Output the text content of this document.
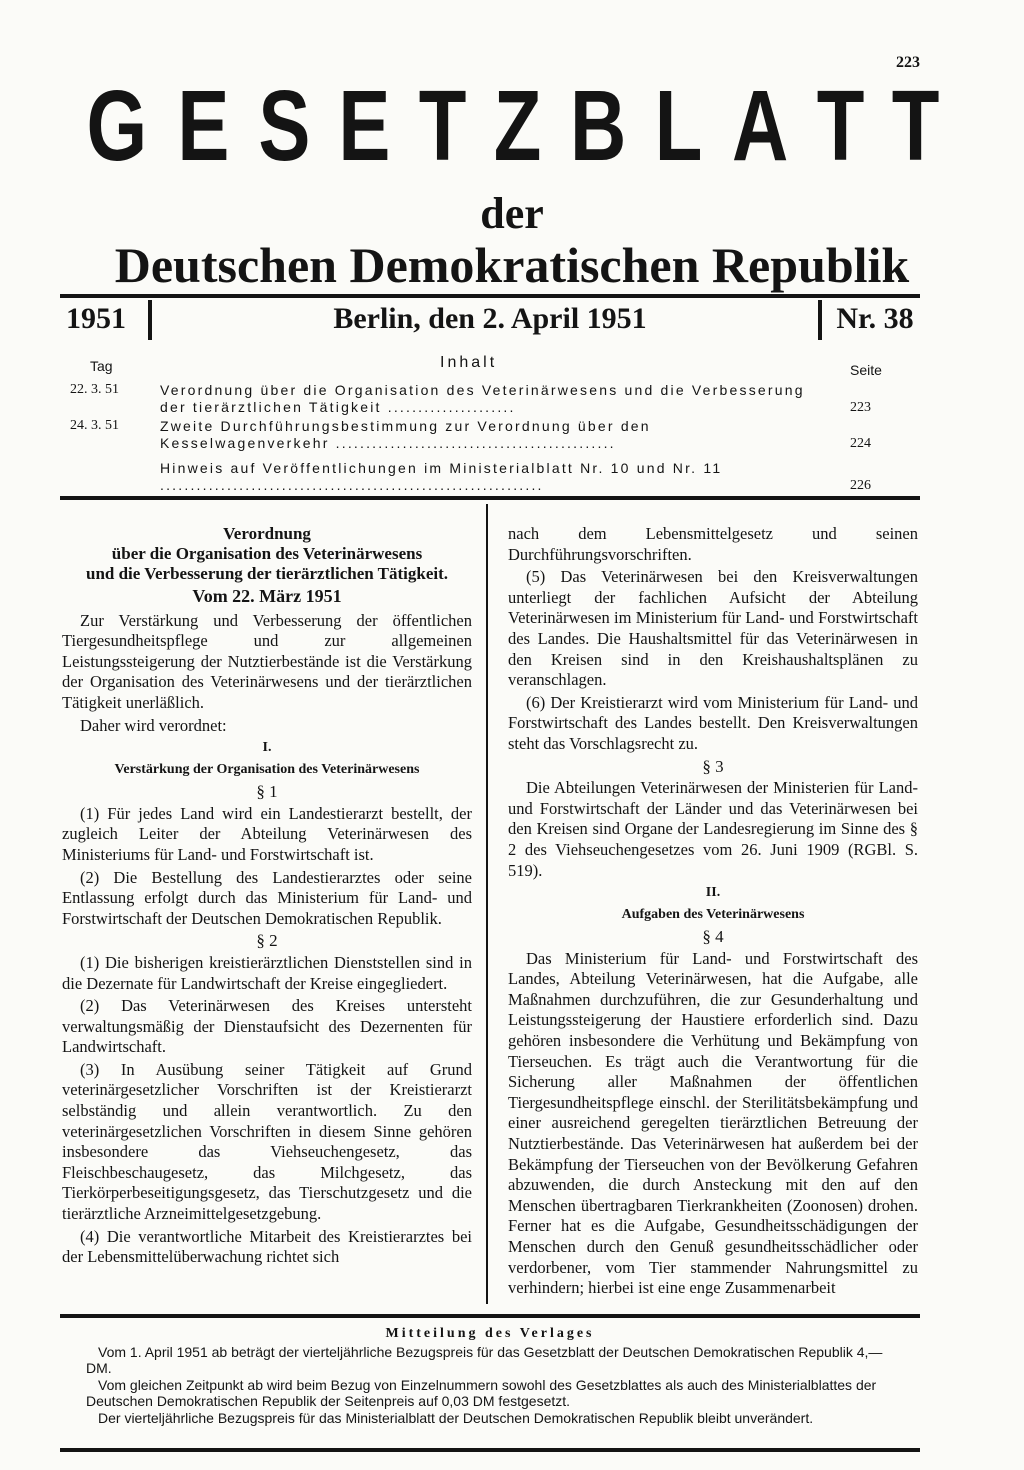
223
G E S E T Z B L A T T
der
Deutschen Demokratischen Republik
1951	Berlin, den 2. April 1951	Nr. 38
Tag	Inhalt	Seite
22. 3. 51	Verordnung über die Organisation des Veterinärwesens und die Verbesserung der tierärztlichen Tätigkeit .....................	223
24. 3. 51	Zweite Durchführungsbestimmung zur Verordnung über den Kesselwagenverkehr ..............................................	224
Hinweis auf Veröffentlichungen im Ministerialblatt Nr. 10 und Nr. 11 ...............................................................	226
Verordnung
über die Organisation des Veterinärwesens
und die Verbesserung der tierärztlichen Tätigkeit.
Vom 22. März 1951

Zur Verstärkung und Verbesserung der öffentlichen Tiergesundheitspflege und zur allgemeinen Leistungssteigerung der Nutztierbestände ist die Verstärkung der Organisation des Veterinärwesens und der tierärztlichen Tätigkeit unerläßlich.

Daher wird verordnet:

I.
Verstärkung der Organisation des Veterinärwesens
§ 1

(1) Für jedes Land wird ein Landestierarzt bestellt, der zugleich Leiter der Abteilung Veterinärwesen des Ministeriums für Land- und Forstwirtschaft ist.

(2) Die Bestellung des Landestierarztes oder seine Entlassung erfolgt durch das Ministerium für Land- und Forstwirtschaft der Deutschen Demokratischen Republik.

§ 2

(1) Die bisherigen kreistierärztlichen Dienststellen sind in die Dezernate für Landwirtschaft der Kreise eingegliedert.

(2) Das Veterinärwesen des Kreises untersteht verwaltungsmäßig der Dienstaufsicht des Dezernenten für Landwirtschaft.

(3) In Ausübung seiner Tätigkeit auf Grund veterinärgesetzlicher Vorschriften ist der Kreistierarzt selbständig und allein verantwortlich. Zu den veterinärgesetzlichen Vorschriften in diesem Sinne gehören insbesondere das Viehseuchengesetz, das Fleischbeschaugesetz, das Milchgesetz, das Tierkörperbeseitigungsgesetz, das Tierschutzgesetz und die tierärztliche Arzneimittelgesetzgebung.

(4) Die verantwortliche Mitarbeit des Kreistierarztes bei der Lebensmittelüberwachung richtet sich

nach dem Lebensmittelgesetz und seinen Durchführungsvorschriften.

(5) Das Veterinärwesen bei den Kreisverwaltungen unterliegt der fachlichen Aufsicht der Abteilung Veterinärwesen im Ministerium für Land- und Forstwirtschaft des Landes. Die Haushaltsmittel für das Veterinärwesen in den Kreisen sind in den Kreishaushaltsplänen zu veranschlagen.

(6) Der Kreistierarzt wird vom Ministerium für Land- und Forstwirtschaft des Landes bestellt. Den Kreisverwaltungen steht das Vorschlagsrecht zu.

§ 3

Die Abteilungen Veterinärwesen der Ministerien für Land- und Forstwirtschaft der Länder und das Veterinärwesen bei den Kreisen sind Organe der Landesregierung im Sinne des § 2 des Viehseuchengesetzes vom 26. Juni 1909 (RGBl. S. 519).

II.
Aufgaben des Veterinärwesens
§ 4

Das Ministerium für Land- und Forstwirtschaft des Landes, Abteilung Veterinärwesen, hat die Aufgabe, alle Maßnahmen durchzuführen, die zur Gesunderhaltung und Leistungssteigerung der Haustiere erforderlich sind. Dazu gehören insbesondere die Verhütung und Bekämpfung von Tierseuchen. Es trägt auch die Verantwortung für die Sicherung aller Maßnahmen der öffentlichen Tiergesundheitspflege einschl. der Sterilitätsbekämpfung und einer ausreichend geregelten tierärztlichen Betreuung der Nutztierbestände. Das Veterinärwesen hat außerdem bei der Bekämpfung der Tierseuchen von der Bevölkerung Gefahren abzuwenden, die durch Ansteckung mit den auf den Menschen übertragbaren Tierkrankheiten (Zoonosen) drohen. Ferner hat es die Aufgabe, Gesundheitsschädigungen der Menschen durch den Genuß gesundheitsschädlicher oder verdorbener, vom Tier stammender Nahrungsmittel zu verhindern; hierbei ist eine enge Zusammenarbeit

Mitteilung des Verlages

Vom 1. April 1951 ab beträgt der vierteljährliche Bezugspreis für das Gesetzblatt der Deutschen Demokratischen Republik 4,— DM.

Vom gleichen Zeitpunkt ab wird beim Bezug von Einzelnummern sowohl des Gesetzblattes als auch des Ministerialblattes der Deutschen Demokratischen Republik der Seitenpreis auf 0,03 DM festgesetzt.

Der vierteljährliche Bezugspreis für das Ministerialblatt der Deutschen Demokratischen Republik bleibt unverändert.
